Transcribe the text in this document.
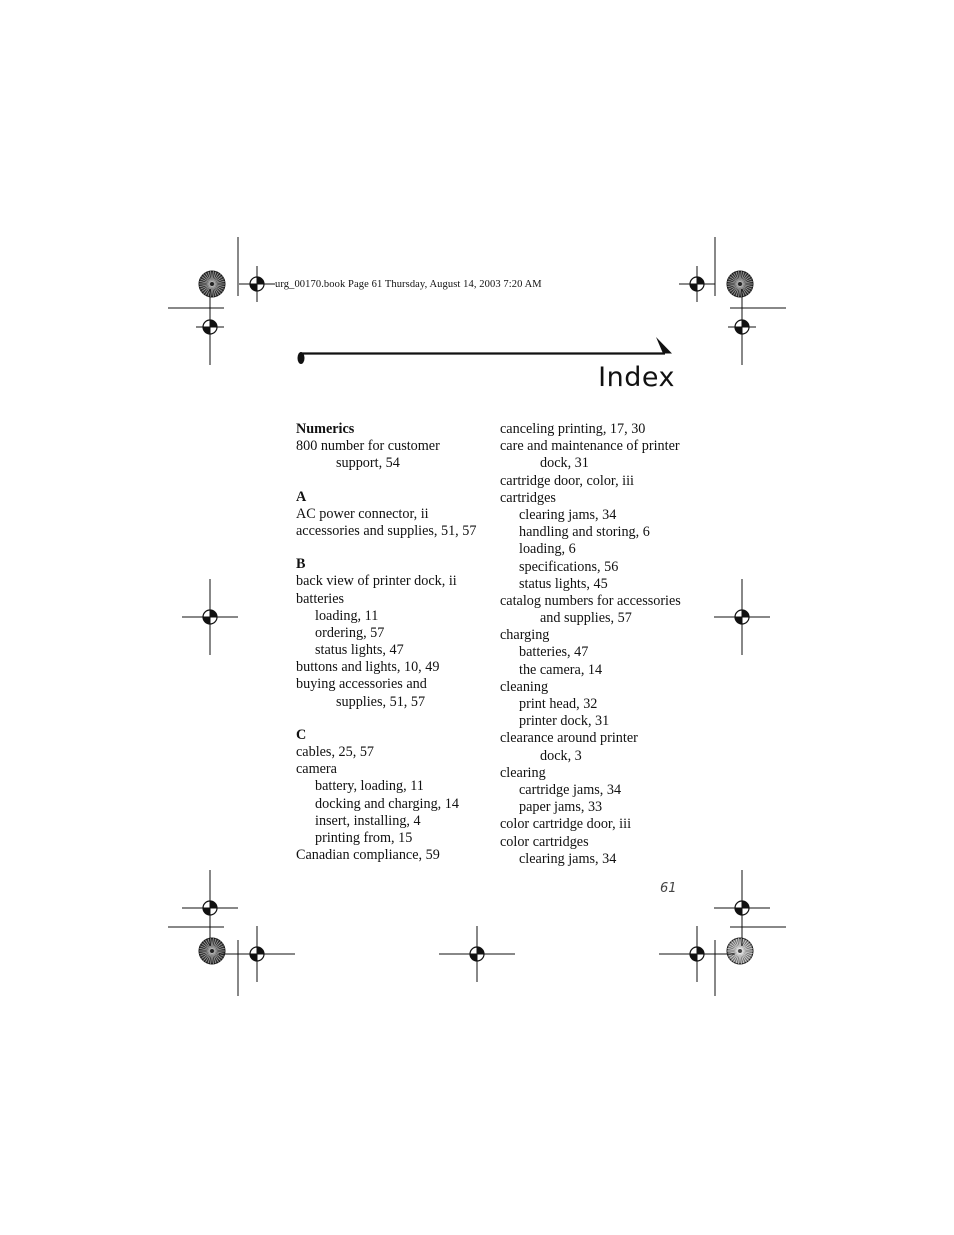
urg_00170.book Page 61 Thursday, August 14, 2003 7:20 AM
Index
Numerics
800 number for customer
support, 54
A
AC power connector, ii
accessories and supplies, 51, 57
B
back view of printer dock, ii
batteries
loading, 11
ordering, 57
status lights, 47
buttons and lights, 10, 49
buying accessories and
supplies, 51, 57
C
cables, 25, 57
camera
battery, loading, 11
docking and charging, 14
insert, installing, 4
printing from, 15
Canadian compliance, 59
canceling printing, 17, 30
care and maintenance of printer
dock, 31
cartridge door, color, iii
cartridges
clearing jams, 34
handling and storing, 6
loading, 6
specifications, 56
status lights, 45
catalog numbers for accessories
and supplies, 57
charging
batteries, 47
the camera, 14
cleaning
print head, 32
printer dock, 31
clearance around printer
dock, 3
clearing
cartridge jams, 34
paper jams, 33
color cartridge door, iii
color cartridges
clearing jams, 34
61
